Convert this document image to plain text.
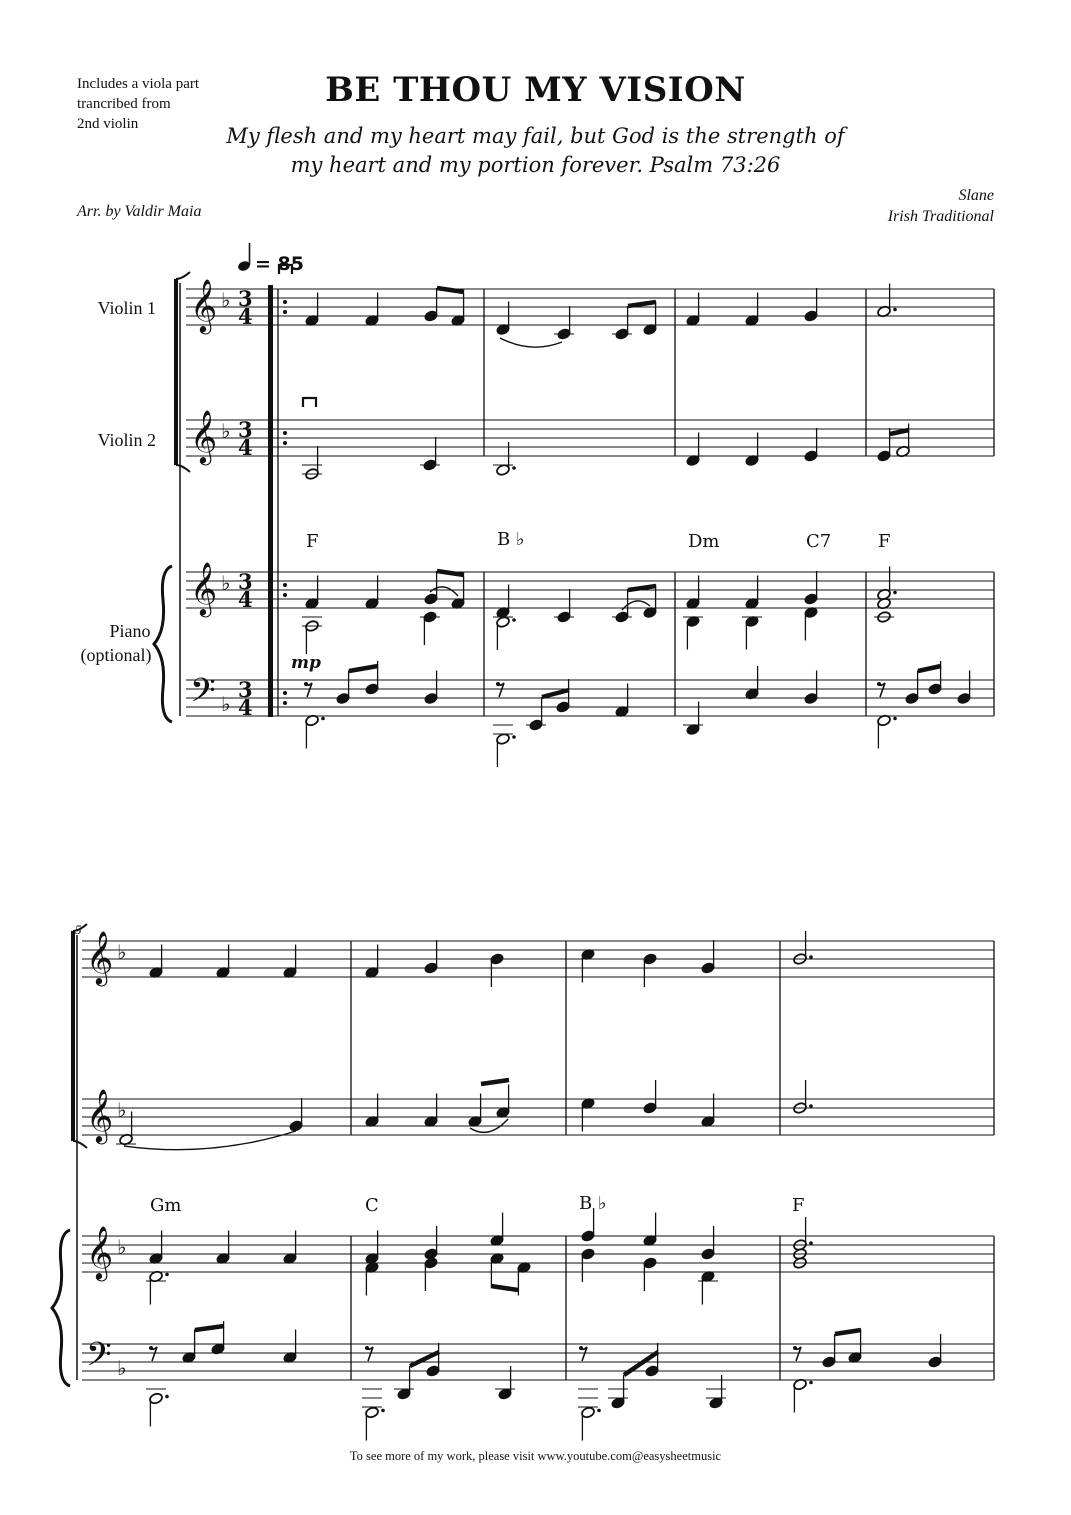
Includes a viola part
trancribed from
2nd violin
BE THOU MY VISION
My flesh and my heart may fail, but God is the strength of
my heart and my portion forever. Psalm 73:26
Arr. by Valdir Maia
Slane
Irish Traditional
= 85
Violin 1
Violin 2
Piano
(optional)
𝄞
𝄞
𝄞
𝄢
♭
♭
♭
♭
3
4
3
4
3
4
3
4
F	B ♭	Dm	C7	F
mp
5
𝄞
𝄞
𝄞
𝄢
♭
♭
♭
♭
Gm	C	B ♭	F
To see more of my work, please visit www.youtube.com@easysheetmusic
